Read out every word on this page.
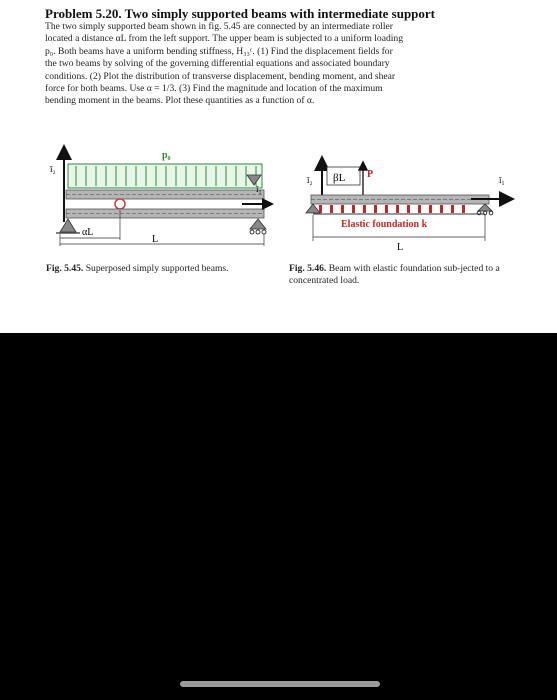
Problem 5.20. Two simply supported beams with intermediate support
The two simply supported beam shown in fig. 5.45 are connected by an intermediate roller
located a distance αL from the left support. The upper beam is subjected to a uniform loading
p₀. Both beams have a uniform bending stiffness, H₃₃ᶜ. (1) Find the displacement fields for
the two beams by solving of the governing differential equations and associated boundary
conditions. (2) Plot the distribution of transverse displacement, bending moment, and shear
force for both beams. Use α = 1/3. (3) Find the magnitude and location of the maximum
bending moment in the beams. Plot these quantities as a function of α.
ī₂
p₀
ī₁
αL
L
ī₂ βL P
Elastic foundation k
ī₁
L
Fig. 5.45. Superposed simply supported beams.	Fig. 5.46. Beam with elastic foundation sub-jected to a concentrated load.
